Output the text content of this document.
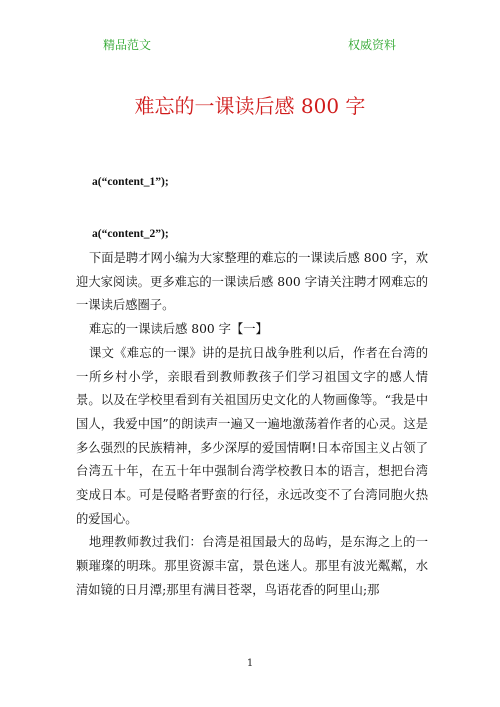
精品范文	权威资料
难忘的一课读后感 800 字
a(“content_1”);
a(“content_2”);

下面是聘才网小编为大家整理的难忘的一课读后感 800 字，欢迎大家阅读。更多难忘的一课读后感 800 字请关注聘才网难忘的一课读后感圈子。

难忘的一课读后感 800 字【一】

课文《难忘的一课》讲的是抗日战争胜利以后，作者在台湾的一所乡村小学，亲眼看到教师教孩子们学习祖国文字的感人情景。以及在学校里看到有关祖国历史文化的人物画像等。“我是中国人，我爱中国”的朗读声一遍又一遍地激荡着作者的心灵。这是多么强烈的民族精神，多少深厚的爱国情啊!日本帝国主义占领了台湾五十年，在五十年中强制台湾学校教日本的语言，想把台湾变成日本。可是侵略者野蛮的行径，永远改变不了台湾同胞火热的爱国心。

地理教师教过我们：台湾是祖国最大的岛屿，是东海之上的一颗璀璨的明珠。那里资源丰富，景色迷人。那里有波光粼粼，水清如镜的日月潭;那里有满目苍翠，鸟语花香的阿里山;那

1
